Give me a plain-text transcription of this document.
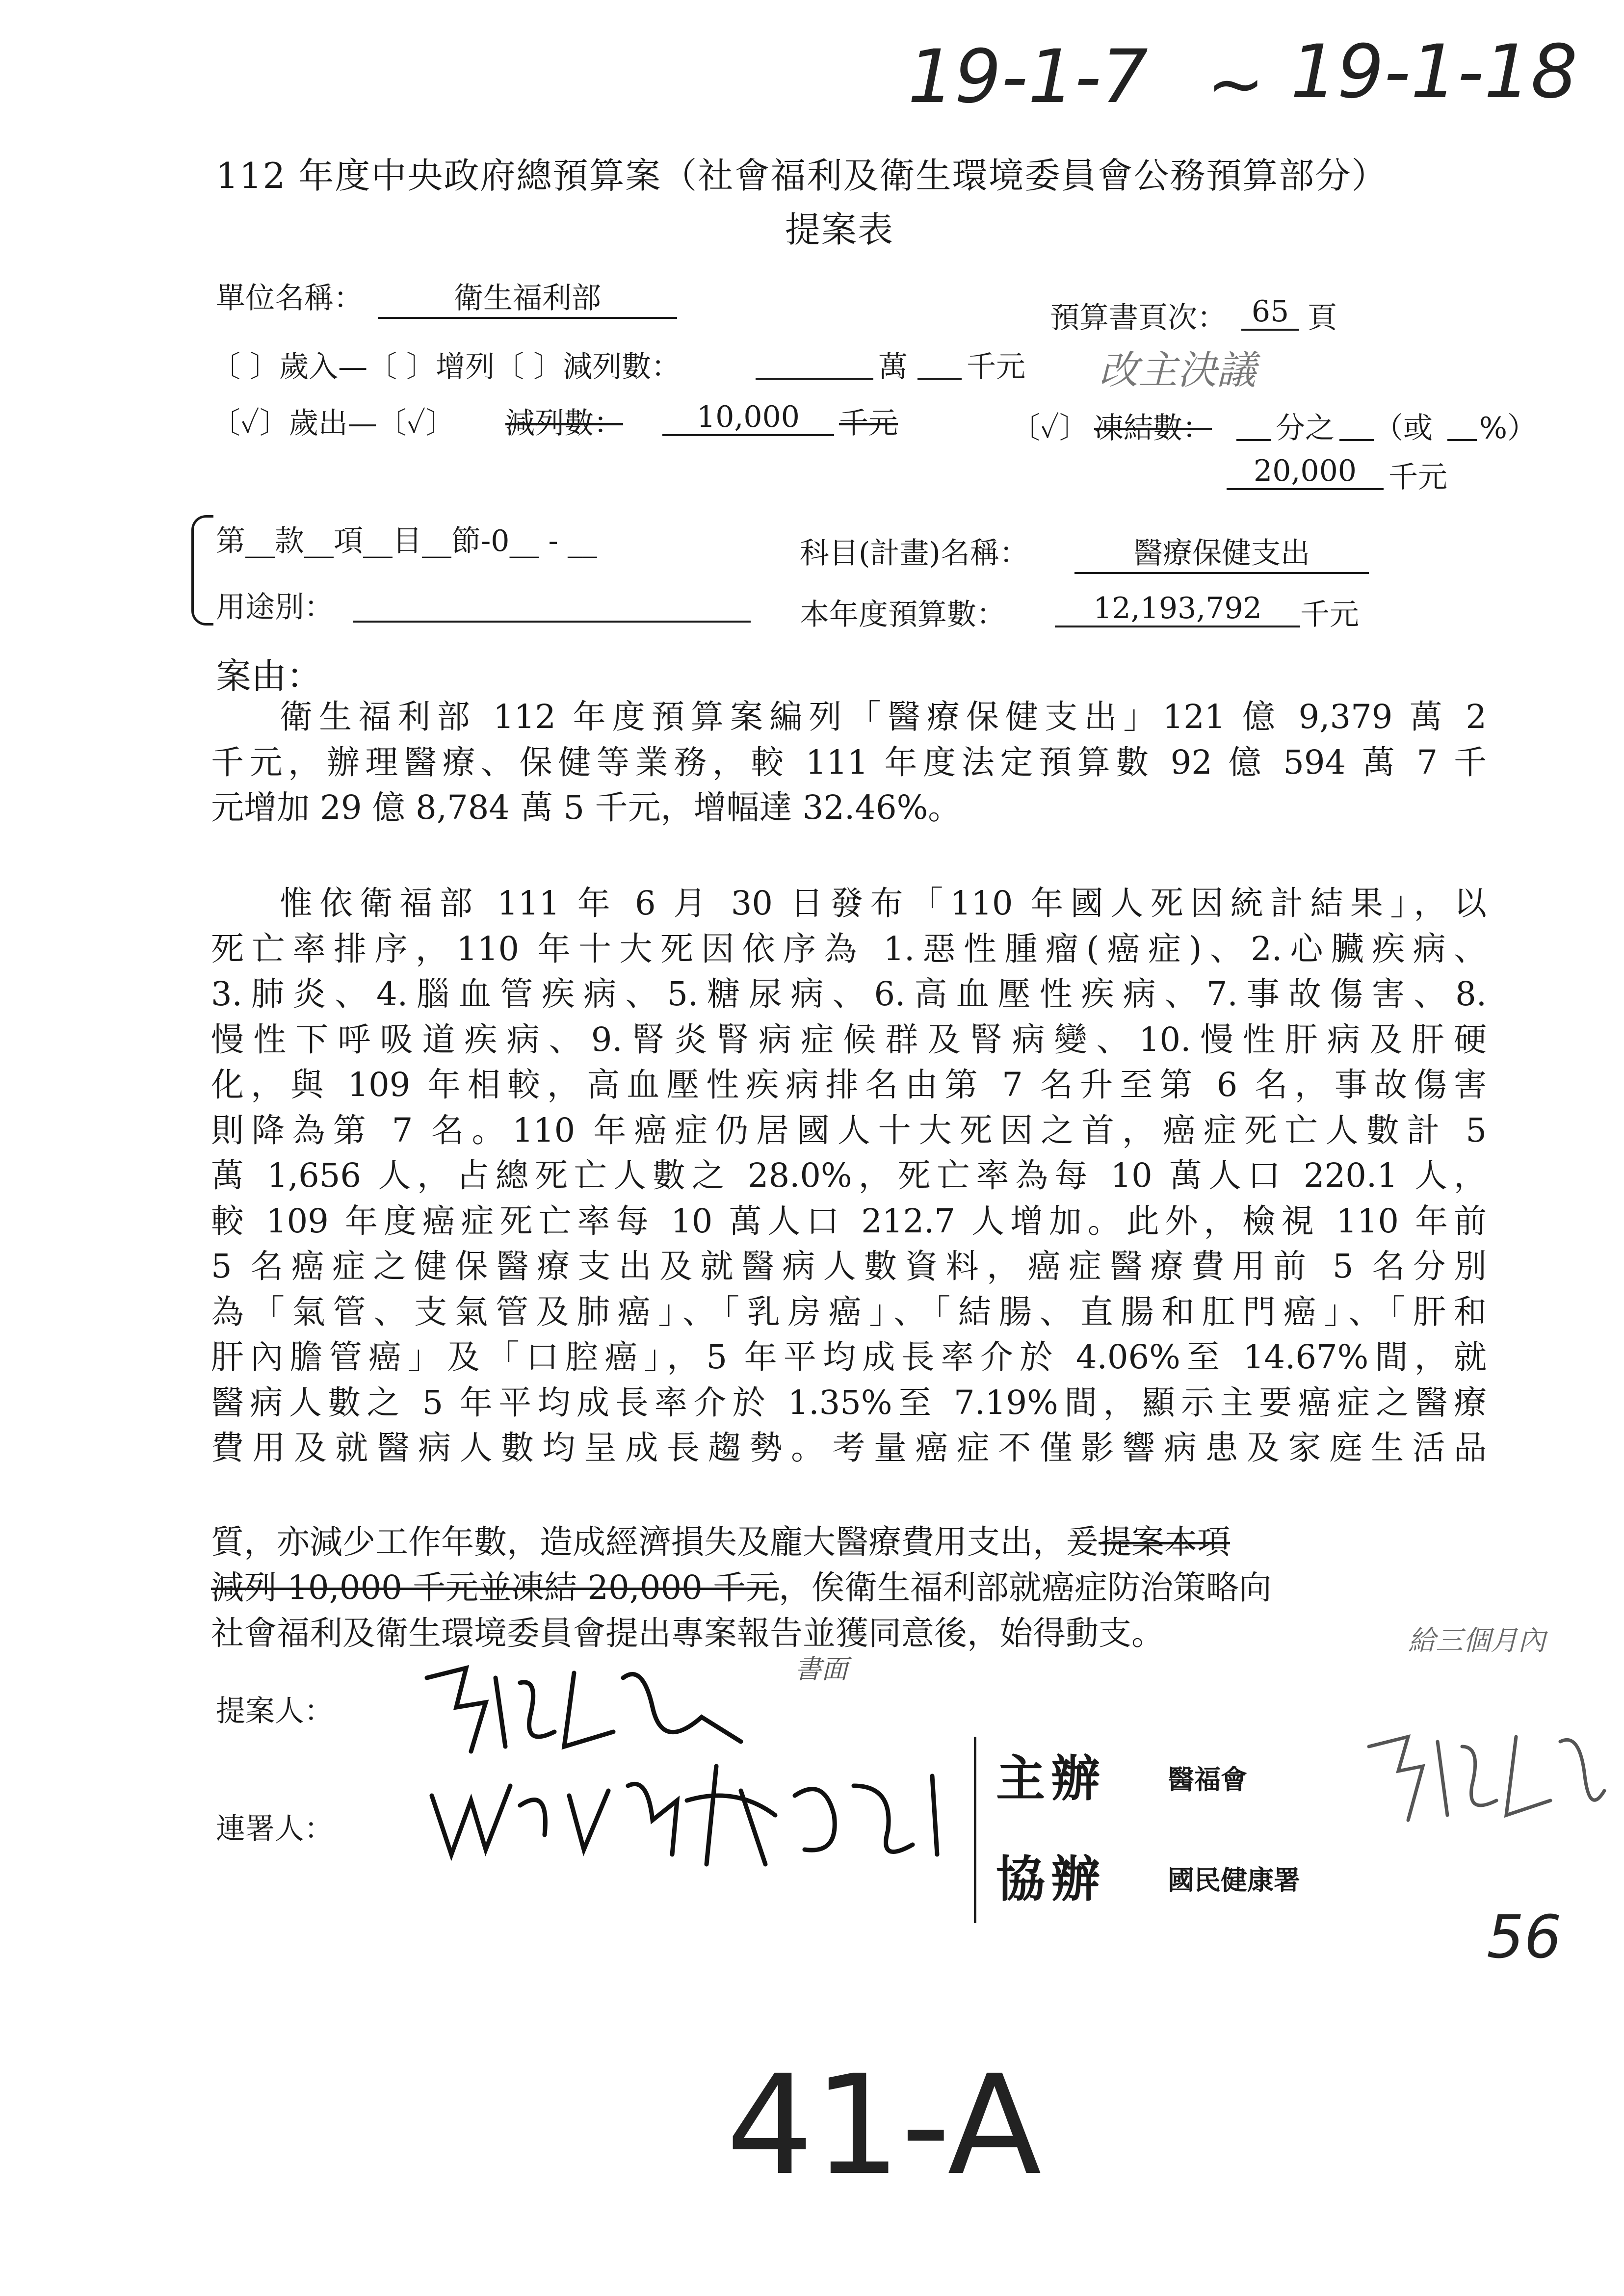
19-1-7 ~ 19-1-18
112 年度中央政府總預算案（社會福利及衛生環境委員會公務預算部分）
提案表
單位名稱：	衛生福利部
預算書頁次： 65 頁
〔 〕歲入—〔 〕增列〔 〕減列數：	萬 千元 改主決議
〔✓〕歲出—〔✓〕 減列數：	10,000	千元	〔✓〕 凍結數： 分之 （或 %）
20,000	千元
第__款__項__目__節-0__ - __	科目(計畫)名稱：	醫療保健支出
用途別：	本年度預算數：	12,193,792	千元
案由：
衛生福利部 112 年度預算案編列「醫療保健支出」121 億 9,379 萬 2
千元，辦理醫療、保健等業務，較 111 年度法定預算數 92 億 594 萬 7 千
元增加 29 億 8,784 萬 5 千元，增幅達 32.46%。
惟依衛福部 111 年 6 月 30 日發布「110 年國人死因統計結果」，以
死亡率排序，110 年十大死因依序為 1.惡性腫瘤(癌症)、2.心臟疾病、
3.肺炎、4.腦血管疾病、5.糖尿病、6.高血壓性疾病、7.事故傷害、8.
慢性下呼吸道疾病、9.腎炎腎病症候群及腎病變、10.慢性肝病及肝硬
化，與 109 年相較，高血壓性疾病排名由第 7 名升至第 6 名，事故傷害
則降為第 7 名。110 年癌症仍居國人十大死因之首，癌症死亡人數計 5
萬 1,656 人，占總死亡人數之 28.0%，死亡率為每 10 萬人口 220.1 人，
較 109 年度癌症死亡率每 10 萬人口 212.7 人增加。此外，檢視 110 年前
5 名癌症之健保醫療支出及就醫病人數資料，癌症醫療費用前 5 名分別
為「氣管、支氣管及肺癌」、「乳房癌」、「結腸、直腸和肛門癌」、「肝和
肝內膽管癌」及「口腔癌」，5 年平均成長率介於 4.06%至 14.67%間，就
醫病人數之 5 年平均成長率介於 1.35%至 7.19%間，顯示主要癌症之醫療
費用及就醫病人數均呈成長趨勢。考量癌症不僅影響病患及家庭生活品
質，亦減少工作年數，造成經濟損失及龐大醫療費用支出，爰提案本項
減列 10,000 千元並凍結 20,000 千元，俟衛生福利部就癌症防治策略向
社會福利及衛生環境委員會提出專案報告並獲同意後，始得動支。	給三個月內
書面
提案人：
連署人：
主辦 醫福會
協辦 國民健康署
56
41-A
